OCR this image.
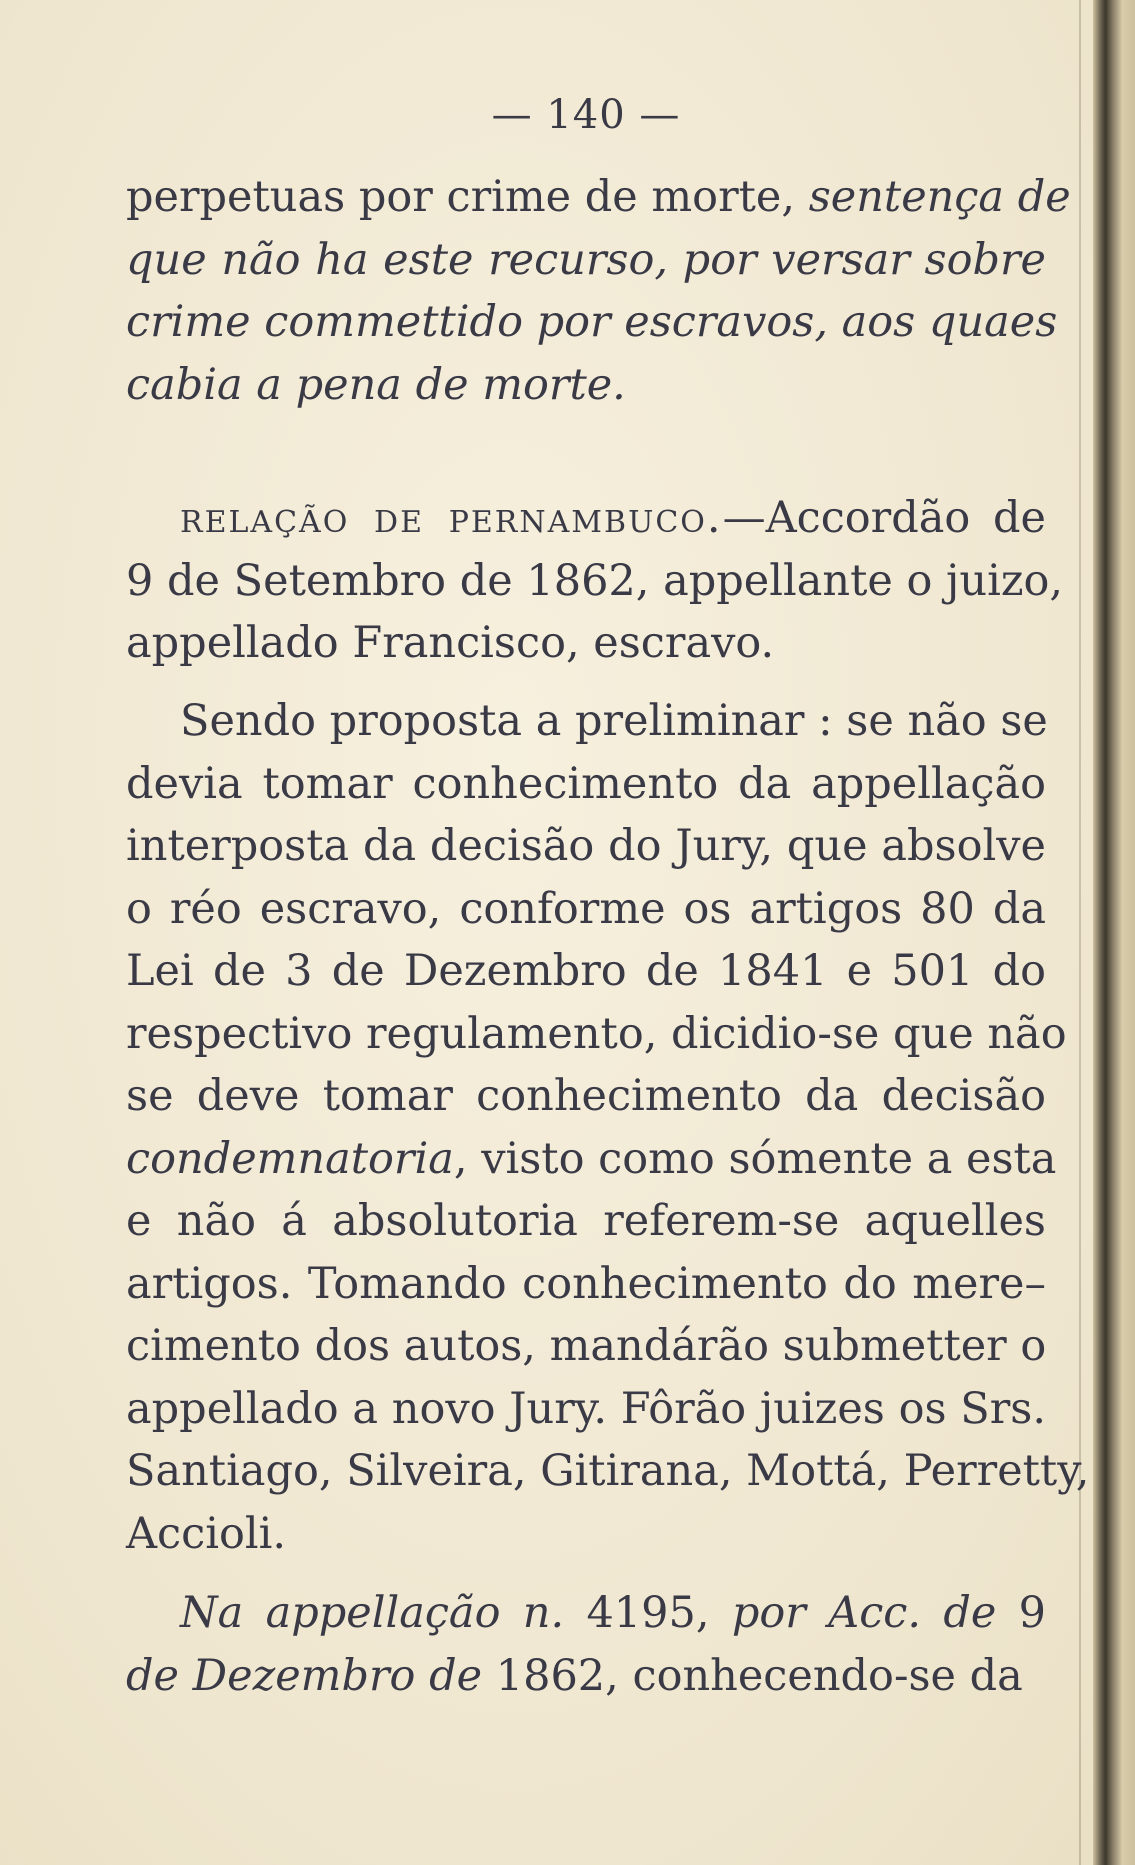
— 140 —
perpetuas por crime de morte, sentença de
que não ha este recurso, por versar sobre
crime commettido por escravos, aos quaes
cabia a pena de morte.
relação de pernambuco.—Accordão de
9 de Setembro de 1862, appellante o juizo,
appellado Francisco, escravo.
Sendo proposta a preliminar : se não se
devia tomar conhecimento da appellação
interposta da decisão do Jury, que absolve
o réo escravo, conforme os artigos 80 da
Lei de 3 de Dezembro de 1841 e 501 do
respectivo regulamento, dicidio-se que não
se deve tomar conhecimento da decisão
condemnatoria, visto como sómente a esta
e não á absolutoria referem-se aquelles
artigos. Tomando conhecimento do mere–
cimento dos autos, mandárão submetter o
appellado a novo Jury. Fôrão juizes os Srs.
Santiago, Silveira, Gitirana, Mottá, Perretty,
Accioli.
Na appellação n. 4195, por Acc. de 9
de Dezembro de 1862, conhecendo-se da
